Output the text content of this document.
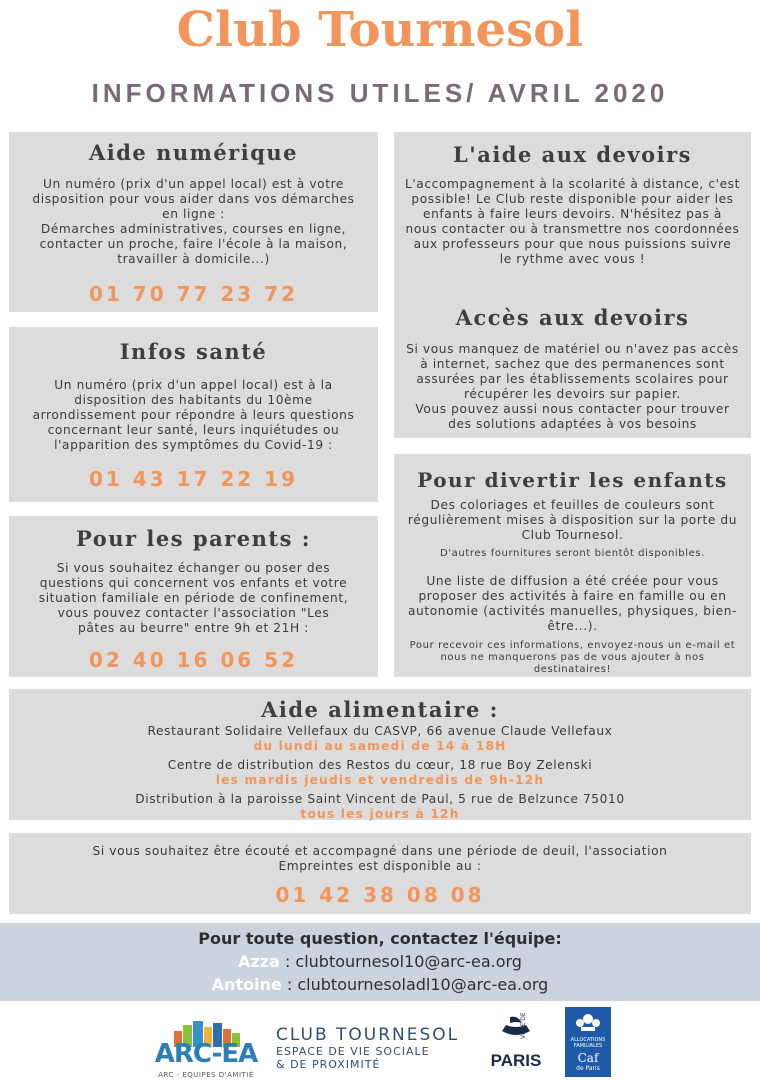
Club Tournesol
INFORMATIONS UTILES/ AVRIL 2020
Aide numérique
Un numéro (prix d'un appel local) est à votre
disposition pour vous aider dans vos démarches
en ligne :
Démarches administratives, courses en ligne,
contacter un proche, faire l'école à la maison,
travailler à domicile...)
01 70 77 23 72
L'aide aux devoirs
L'accompagnement à la scolarité à distance, c'est
possible! Le Club reste disponible pour aider les
enfants à faire leurs devoirs. N'hésitez pas à
nous contacter ou à transmettre nos coordonnées
aux professeurs pour que nous puissions suivre
le rythme avec vous !
Accès aux devoirs
Si vous manquez de matériel ou n'avez pas accès
à internet, sachez que des permanences sont
assurées par les établissements scolaires pour
récupérer les devoirs sur papier.
Vous pouvez aussi nous contacter pour trouver
des solutions adaptées à vos besoins
Infos santé
Un numéro (prix d'un appel local) est à la
disposition des habitants du 10ème
arrondissement pour répondre à leurs questions
concernant leur santé, leurs inquiétudes ou
l'apparition des symptômes du Covid-19 :
01 43 17 22 19	Pour divertir les enfants
Des coloriages et feuilles de couleurs sont
régulièrement mises à disposition sur la porte du
Club Tournesol.
D'autres fournitures seront bientôt disponibles.
Une liste de diffusion a été créée pour vous
proposer des activités à faire en famille ou en
autonomie (activités manuelles, physiques, bien-
être...).
Pour recevoir ces informations, envoyez-nous un e-mail et
nous ne manquerons pas de vous ajouter à nos
destinataires!
Pour les parents :
Si vous souhaitez échanger ou poser des
questions qui concernent vos enfants et votre
situation familiale en période de confinement,
vous pouvez contacter l'association "Les
pâtes au beurre" entre 9h et 21H :
02 40 16 06 52
Aide alimentaire :
Restaurant Solidaire Vellefaux du CASVP, 66 avenue Claude Vellefaux
du lundi au samedi de 14 à 18H
Centre de distribution des Restos du cœur, 18 rue Boy Zelenski
les mardis jeudis et vendredis de 9h-12h
Distribution à la paroisse Saint Vincent de Paul, 5 rue de Belzunce 75010
tous les jours à 12h
Si vous souhaitez être écouté et accompagné dans une période de deuil, l'association
Empreintes est disponible au :
01 42 38 08 08
Pour toute question, contactez l'équipe:
Azza : clubtournesol10@arc-ea.org
Antoine : clubtournesoladl10@arc-ea.org
ARC-EA
ARC - EQUIPES D'AMITIÉ
CLUB TOURNESOL
ESPACE DE VIE SOCIALE
& DE PROXIMITÉ
VILLE DE
PARIS
ALLOCATIONS
FAMILIALES
Caf
de Paris
